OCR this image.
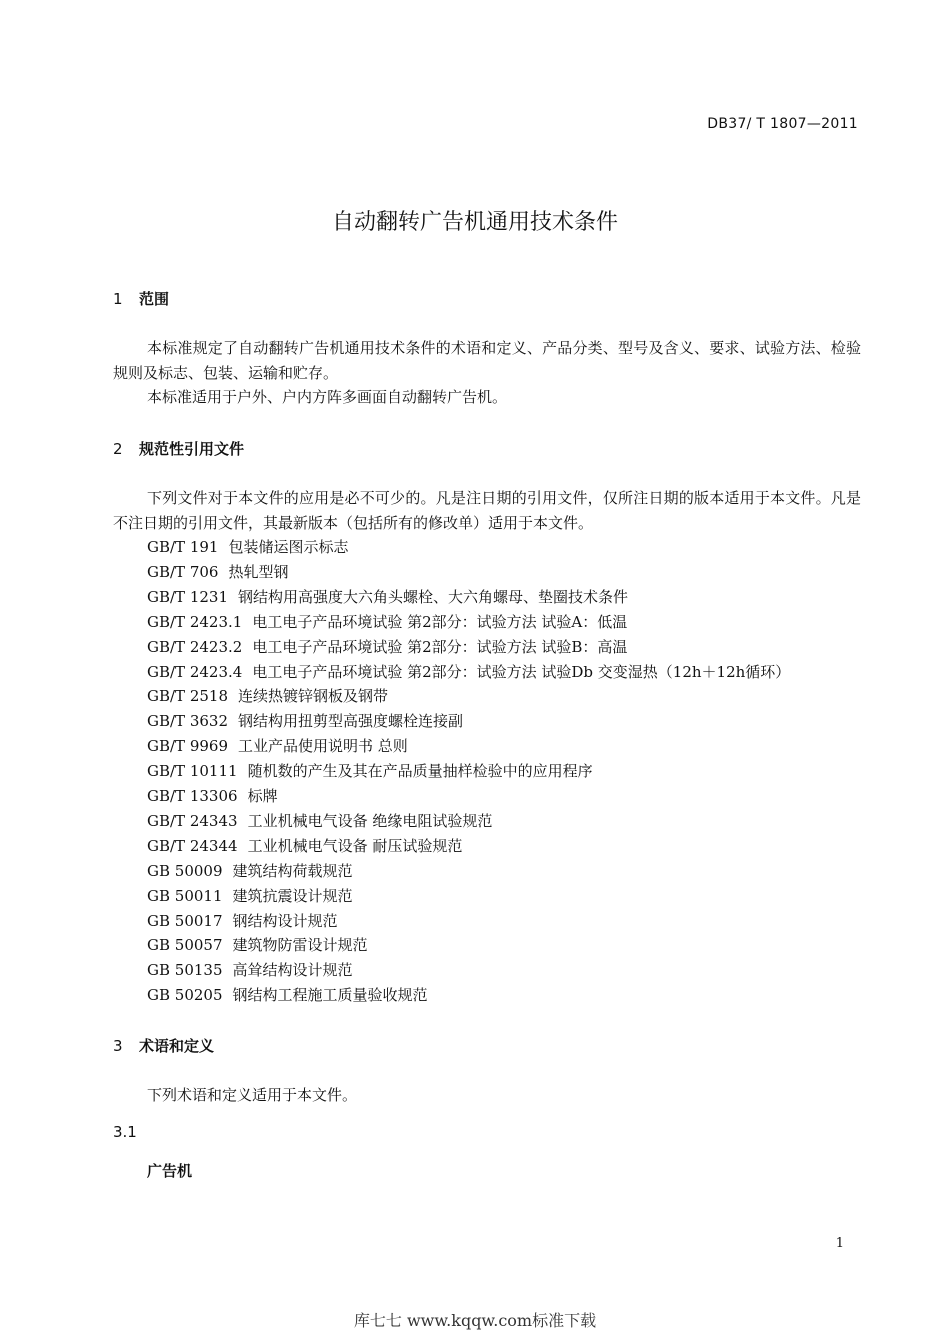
DB37/ T 1807—2011
自动翻转广告机通用技术条件
1 范围
本标准规定了自动翻转广告机通用技术条件的术语和定义、产品分类、型号及含义、要求、试验方法、检验规则及标志、包装、运输和贮存。
本标准适用于户外、户内方阵多画面自动翻转广告机。
2 规范性引用文件
下列文件对于本文件的应用是必不可少的。凡是注日期的引用文件，仅所注日期的版本适用于本文件。凡是不注日期的引用文件，其最新版本（包括所有的修改单）适用于本文件。
GB/T 191 包装储运图示标志
GB/T 706 热轧型钢
GB/T 1231 钢结构用高强度大六角头螺栓、大六角螺母、垫圈技术条件
GB/T 2423.1 电工电子产品环境试验 第2部分：试验方法 试验A：低温
GB/T 2423.2 电工电子产品环境试验 第2部分：试验方法 试验B：高温
GB/T 2423.4 电工电子产品环境试验 第2部分：试验方法 试验Db 交变湿热（12h＋12h循环）
GB/T 2518 连续热镀锌钢板及钢带
GB/T 3632 钢结构用扭剪型高强度螺栓连接副
GB/T 9969 工业产品使用说明书 总则
GB/T 10111 随机数的产生及其在产品质量抽样检验中的应用程序
GB/T 13306 标牌
GB/T 24343 工业机械电气设备 绝缘电阻试验规范
GB/T 24344 工业机械电气设备 耐压试验规范
GB 50009 建筑结构荷载规范
GB 50011 建筑抗震设计规范
GB 50017 钢结构设计规范
GB 50057 建筑物防雷设计规范
GB 50135 高耸结构设计规范
GB 50205 钢结构工程施工质量验收规范
3 术语和定义
下列术语和定义适用于本文件。
3.1
广告机
1
库七七 www.kqqw.com标准下载
